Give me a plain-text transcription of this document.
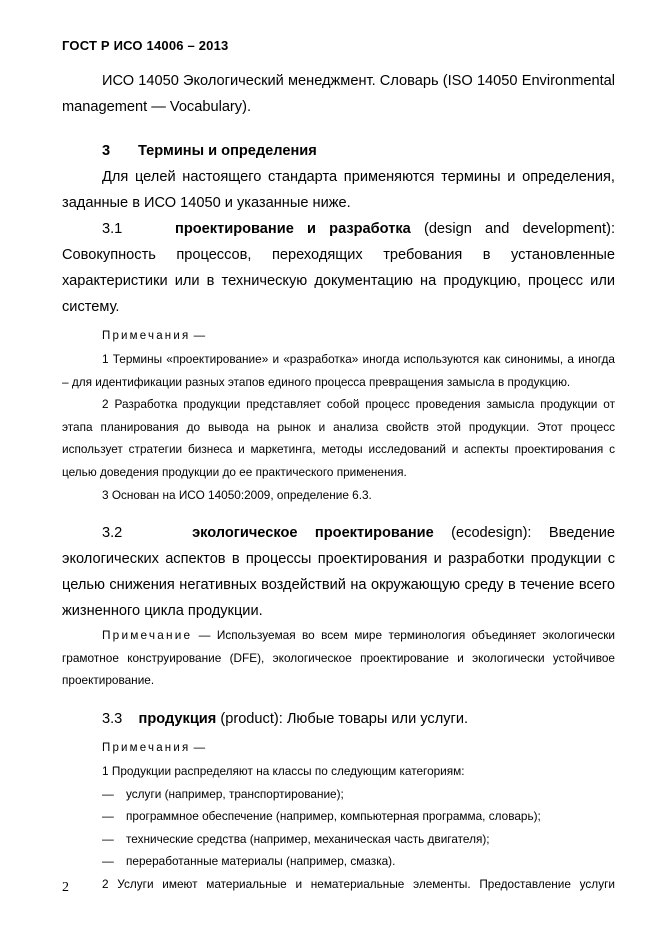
ГОСТ Р ИСО 14006 – 2013

ИСО 14050 Экологический менеджмент. Словарь (ISO 14050 Environmental management — Vocabulary).

3 Термины и определения

Для целей настоящего стандарта применяются термины и определения, заданные в ИСО 14050 и указанные ниже.

3.1	проектирование и разработка (design and development): Совокупность процессов, переходящих требования в установленные характеристики или в техническую документацию на продукцию, процесс или систему.

Примечания —

1 Термины «проектирование» и «разработка» иногда используются как синонимы, а иногда – для идентификации разных этапов единого процесса превращения замысла в продукцию.

2 Разработка продукции представляет собой процесс проведения замысла продукции от этапа планирования до вывода на рынок и анализа свойств этой продукции. Этот процесс использует стратегии бизнеса и маркетинга, методы исследований и аспекты проектирования с целью доведения продукции до ее практического применения.

3 Основан на ИСО 14050:2009, определение 6.3.

3.2	экологическое проектирование (ecodesign): Введение экологических аспектов в процессы проектирования и разработки продукции с целью снижения негативных воздействий на окружающую среду в течение всего жизненного цикла продукции.

Примечание — Используемая во всем мире терминология объединяет экологически грамотное конструирование (DFE), экологическое проектирование и экологически устойчивое проектирование.

3.3 продукция (product): Любые товары или услуги.

Примечания —

1 Продукции распределяют на классы по следующим категориям:

—	услуги (например, транспортирование);
—	программное обеспечение (например, компьютерная программа, словарь);
—	технические средства (например, механическая часть двигателя);
—	переработанные материалы (например, смазка).

2 Услуги имеют материальные и нематериальные элементы. Предоставление услуги

2
